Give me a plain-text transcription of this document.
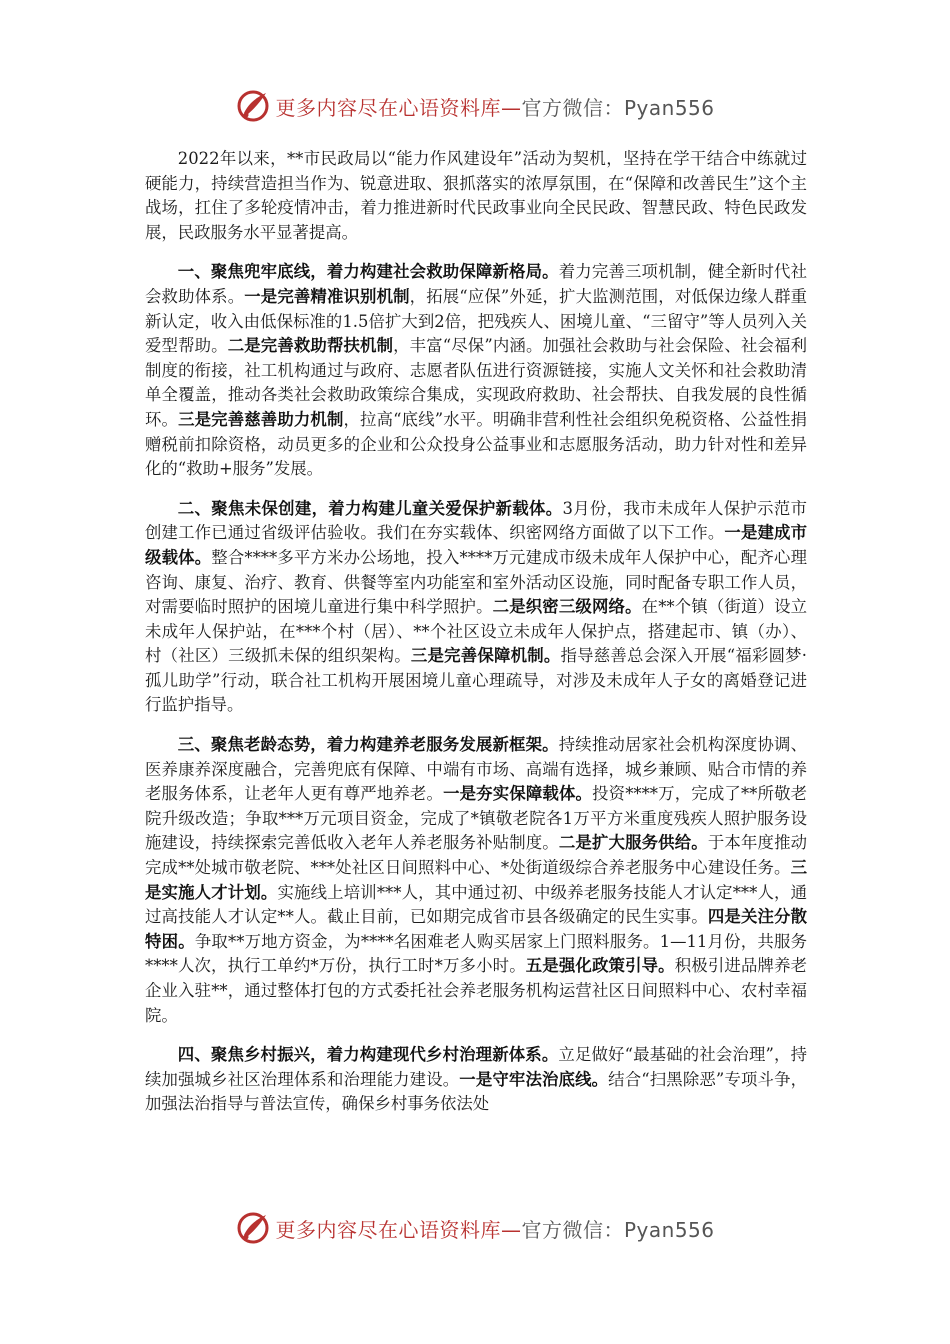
更多内容尽在心语资料库—官方微信：Pyan556

2022年以来，**市民政局以“能力作风建设年”活动为契机，坚持在学干结合中练就过硬能力，持续营造担当作为、锐意进取、狠抓落实的浓厚氛围，在“保障和改善民生”这个主战场，扛住了多轮疫情冲击，着力推进新时代民政事业向全民民政、智慧民政、特色民政发展，民政服务水平显著提高。

一、聚焦兜牢底线，着力构建社会救助保障新格局。着力完善三项机制，健全新时代社会救助体系。一是完善精准识别机制，拓展“应保”外延，扩大监测范围，对低保边缘人群重新认定，收入由低保标准的1.5倍扩大到2倍，把残疾人、困境儿童、“三留守”等人员列入关爱型帮助。二是完善救助帮扶机制，丰富“尽保”内涵。加强社会救助与社会保险、社会福利制度的衔接，社工机构通过与政府、志愿者队伍进行资源链接，实施人文关怀和社会救助清单全覆盖，推动各类社会救助政策综合集成，实现政府救助、社会帮扶、自我发展的良性循环。三是完善慈善助力机制，拉高“底线”水平。明确非营利性社会组织免税资格、公益性捐赠税前扣除资格，动员更多的企业和公众投身公益事业和志愿服务活动，助力针对性和差异化的“救助+服务”发展。

二、聚焦未保创建，着力构建儿童关爱保护新载体。3月份，我市未成年人保护示范市创建工作已通过省级评估验收。我们在夯实载体、织密网络方面做了以下工作。一是建成市级载体。整合****多平方米办公场地，投入****万元建成市级未成年人保护中心，配齐心理咨询、康复、治疗、教育、供餐等室内功能室和室外活动区设施，同时配备专职工作人员，对需要临时照护的困境儿童进行集中科学照护。二是织密三级网络。在**个镇（街道）设立未成年人保护站，在***个村（居）、**个社区设立未成年人保护点，搭建起市、镇（办）、村（社区）三级抓未保的组织架构。三是完善保障机制。指导慈善总会深入开展“福彩圆梦·孤儿助学”行动，联合社工机构开展困境儿童心理疏导，对涉及未成年人子女的离婚登记进行监护指导。

三、聚焦老龄态势，着力构建养老服务发展新框架。持续推动居家社会机构深度协调、医养康养深度融合，完善兜底有保障、中端有市场、高端有选择，城乡兼顾、贴合市情的养老服务体系，让老年人更有尊严地养老。一是夯实保障载体。投资****万，完成了**所敬老院升级改造；争取***万元项目资金，完成了*镇敬老院各1万平方米重度残疾人照护服务设施建设，持续探索完善低收入老年人养老服务补贴制度。二是扩大服务供给。于本年度推动完成**处城市敬老院、***处社区日间照料中心、*处街道级综合养老服务中心建设任务。三是实施人才计划。实施线上培训***人，其中通过初、中级养老服务技能人才认定***人，通过高技能人才认定**人。截止目前，已如期完成省市县各级确定的民生实事。四是关注分散特困。争取**万地方资金，为****名困难老人购买居家上门照料服务。1—11月份，共服务****人次，执行工单约*万份，执行工时*万多小时。五是强化政策引导。积极引进品牌养老企业入驻**，通过整体打包的方式委托社会养老服务机构运营社区日间照料中心、农村幸福院。

四、聚焦乡村振兴，着力构建现代乡村治理新体系。立足做好“最基础的社会治理”，持续加强城乡社区治理体系和治理能力建设。一是守牢法治底线。结合“扫黑除恶”专项斗争，加强法治指导与普法宣传，确保乡村事务依法处

更多内容尽在心语资料库—官方微信：Pyan556
